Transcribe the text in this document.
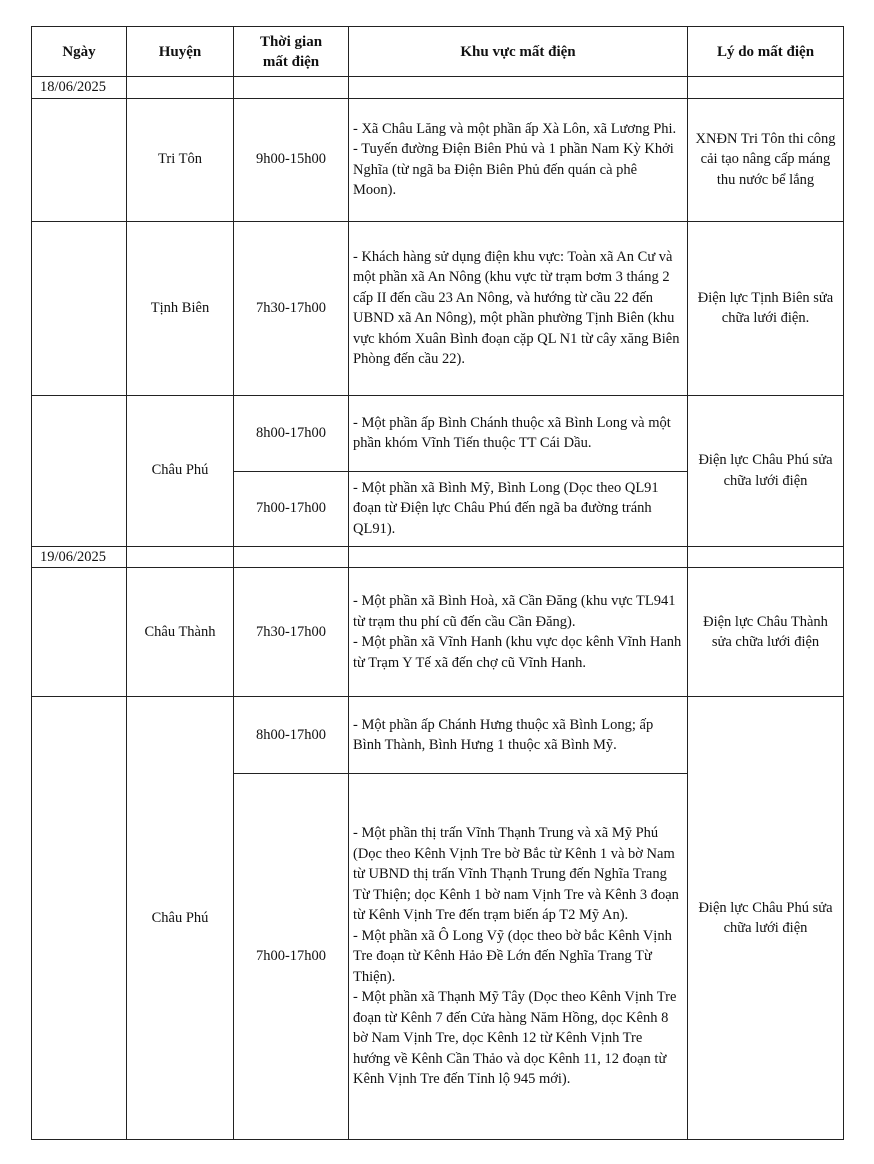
Ngày	Huyện	Thời gian mất điện	Khu vực mất điện	Lý do mất điện
18/06/2025				
	Tri Tôn	9h00-15h00	- Xã Châu Lăng và một phần ấp Xà Lôn, xã Lương Phi.
- Tuyến đường Điện Biên Phủ và 1 phần Nam Kỳ Khởi Nghĩa (từ ngã ba Điện Biên Phủ đến quán cà phê Moon).	XNĐN Tri Tôn thi công cải tạo nâng cấp máng thu nước bể lắng
	Tịnh Biên	7h30-17h00	- Khách hàng sử dụng điện khu vực: Toàn xã An Cư và một phần xã An Nông (khu vực từ trạm bơm 3 tháng 2 cấp II đến cầu 23 An Nông, và hướng từ cầu 22 đến UBND xã An Nông), một phần phường Tịnh Biên (khu vực khóm Xuân Bình đoạn cặp QL N1 từ cây xăng Biên Phòng đến cầu 22).	Điện lực Tịnh Biên sửa chữa lưới điện.
	Châu Phú	8h00-17h00	- Một phần ấp Bình Chánh thuộc xã Bình Long và một phần khóm Vĩnh Tiến thuộc TT Cái Dầu.	Điện lực Châu Phú sửa chữa lưới điện
		7h00-17h00	- Một phần xã Bình Mỹ, Bình Long (Dọc theo QL91 đoạn từ Điện lực Châu Phú đến ngã ba đường tránh QL91).	

19/06/2025				
	Châu Thành	7h30-17h00	- Một phần xã Bình Hoà, xã Cần Đăng (khu vực TL941 từ trạm thu phí cũ đến cầu Cần Đăng).
- Một phần xã Vĩnh Hanh (khu vực dọc kênh Vĩnh Hanh từ Trạm Y Tế xã đến chợ cũ Vĩnh Hanh.	Điện lực Châu Thành sửa chữa lưới điện
	Châu Phú	8h00-17h00	- Một phần ấp Chánh Hưng thuộc xã Bình Long; ấp Bình Thành, Bình Hưng 1 thuộc xã Bình Mỹ.	Điện lực Châu Phú sửa chữa lưới điện
		7h00-17h00	- Một phần thị trấn Vĩnh Thạnh Trung và xã Mỹ Phú (Dọc theo Kênh Vịnh Tre bờ Bắc từ Kênh 1 và bờ Nam từ UBND thị trấn Vĩnh Thạnh Trung đến Nghĩa Trang Từ Thiện; dọc Kênh 1 bờ nam Vịnh Tre và Kênh 3 đoạn từ Kênh Vịnh Tre đến trạm biến áp T2 Mỹ An).
- Một phần xã Ô Long Vỹ (dọc theo bờ bắc Kênh Vịnh Tre đoạn từ Kênh Hảo Đề Lớn đến Nghĩa Trang Từ Thiện).
- Một phần xã Thạnh Mỹ Tây (Dọc theo Kênh Vịnh Tre đoạn từ Kênh 7 đến Cửa hàng Năm Hồng, dọc Kênh 8 bờ Nam Vịnh Tre, dọc Kênh 12 từ Kênh Vịnh Tre hướng về Kênh Cần Thảo và dọc Kênh 11, 12 đoạn từ Kênh Vịnh Tre đến Tỉnh lộ 945 mới).	
